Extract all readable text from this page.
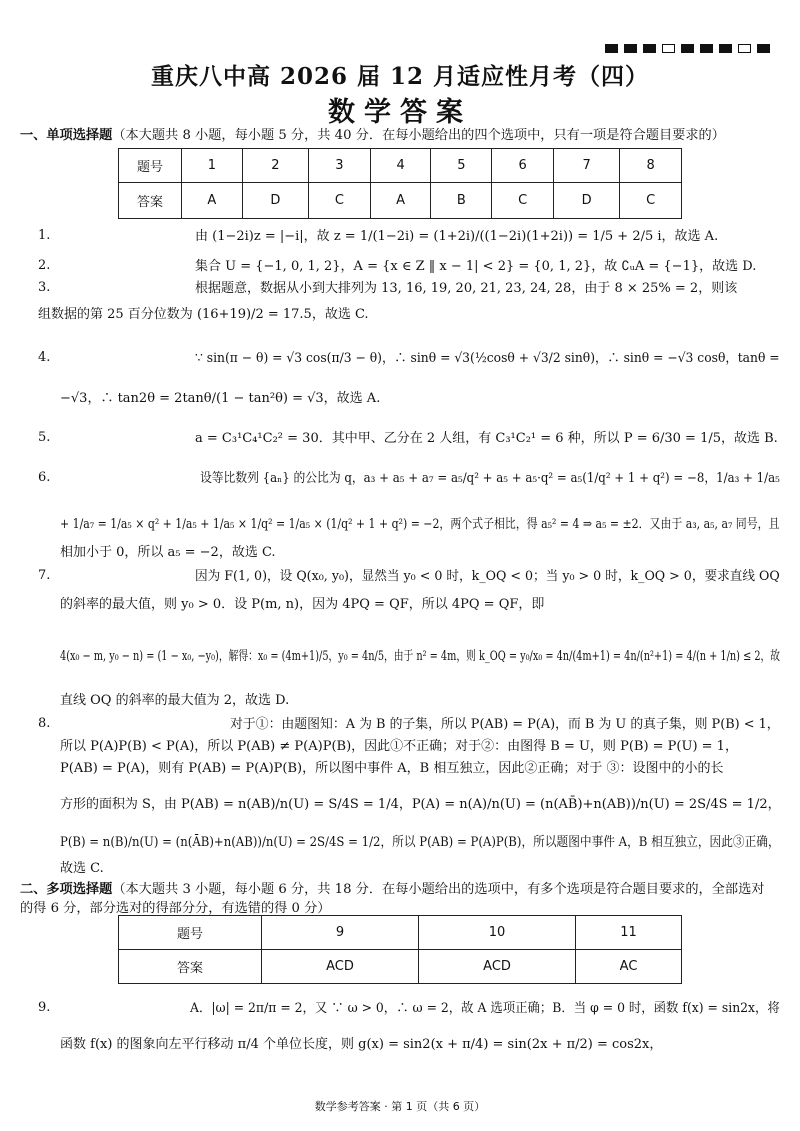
重庆八中高 2026 届 12 月适应性月考（四）
数学答案
一、单项选择题（本大题共 8 小题，每小题 5 分，共 40 分．在每小题给出的四个选项中，只有一项是符合题目要求的）
题号	1	2	3	4	5	6	7	8
答案	A	D	C	A	B	C	D	C
1.	由 (1−2i)z = |−i|，故 z = 1/(1−2i) = (1+2i)/((1−2i)(1+2i)) = 1/5 + 2/5 i，故选 A.
2.	集合 U = {−1, 0, 1, 2}，A = {x ∈ Z ‖ x − 1| < 2} = {0, 1, 2}，故 ∁ᵤA = {−1}，故选 D.
3.	根据题意，数据从小到大排列为 13, 16, 19, 20, 21, 23, 24, 28，由于 8 × 25% = 2，则该
组数据的第 25 百分位数为 (16+19)/2 = 17.5，故选 C.
4.	∵ sin(π − θ) = √3 cos(π/3 − θ)，∴ sinθ = √3(½cosθ + √3/2 sinθ)，∴ sinθ = −√3 cosθ，tanθ =
−√3，∴ tan2θ = 2tanθ/(1 − tan²θ) = √3，故选 A.
5.	a = C₃¹C₄¹C₂² = 30．其中甲、乙分在 2 人组，有 C₃¹C₂¹ = 6 种，所以 P = 6/30 = 1/5，故选 B.
6.	设等比数列 {aₙ} 的公比为 q，a₃ + a₅ + a₇ = a₅/q² + a₅ + a₅·q² = a₅(1/q² + 1 + q²) = −8，1/a₃ + 1/a₅
+ 1/a₇ = 1/a₅ × q² + 1/a₅ + 1/a₅ × 1/q² = 1/a₅ × (1/q² + 1 + q²) = −2，两个式子相比，得 a₅² = 4 ⇒ a₅ = ±2．又由于 a₃, a₅, a₇ 同号，且
相加小于 0，所以 a₅ = −2，故选 C.
7.	因为 F(1, 0)，设 Q(x₀, y₀)，显然当 y₀ < 0 时，k_OQ < 0；当 y₀ > 0 时，k_OQ > 0，要求直线 OQ
的斜率的最大值，则 y₀ > 0．设 P(m, n)，因为 4PQ = QF，所以 4PQ = QF，即
4(x₀ − m, y₀ − n) = (1 − x₀, −y₀)，解得：x₀ = (4m+1)/5，y₀ = 4n/5，由于 n² = 4m，则 k_OQ = y₀/x₀ = 4n/(4m+1) = 4n/(n²+1) = 4/(n + 1/n) ≤ 2，故
直线 OQ 的斜率的最大值为 2，故选 D.
8.	对于①：由题图知：A 为 B 的子集，所以 P(AB) = P(A)，而 B 为 U 的真子集，则 P(B) < 1，
所以 P(A)P(B) < P(A)，所以 P(AB) ≠ P(A)P(B)，因此①不正确；对于②：由图得 B = U，则 P(B) = P(U) = 1，
P(AB) = P(A)，则有 P(AB) = P(A)P(B)，所以图中事件 A，B 相互独立，因此②正确；对于 ③：设图中的小的长
方形的面积为 S，由 P(AB) = n(AB)/n(U) = S/4S = 1/4，P(A) = n(A)/n(U) = (n(AB̄)+n(AB))/n(U) = 2S/4S = 1/2，
P(B) = n(B)/n(U) = (n(ĀB)+n(AB))/n(U) = 2S/4S = 1/2，所以 P(AB) = P(A)P(B)，所以题图中事件 A，B 相互独立，因此③正确，
故选 C.
二、多项选择题（本大题共 3 小题，每小题 6 分，共 18 分．在每小题给出的选项中，有多个选项是符合题目要求的，全部选对的得 6 分，部分选对的得部分分，有选错的得 0 分）
题号	9	10	11
答案	ACD	ACD	AC
9.	A．|ω| = 2π/π = 2，又 ∵ ω > 0，∴ ω = 2，故 A 选项正确；B．当 φ = 0 时，函数 f(x) = sin2x，将
函数 f(x) 的图象向左平行移动 π/4 个单位长度，则 g(x) = sin2(x + π/4) = sin(2x + π/2) = cos2x，
数学参考答案 · 第 1 页（共 6 页）
